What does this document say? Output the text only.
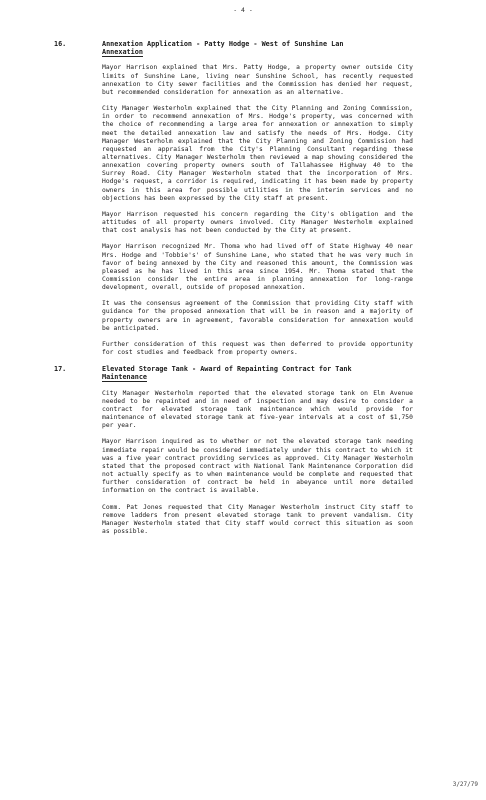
- 4 -
16.	Annexation Application - Patty Hodge - West of Sunshine Lan
Annexation

Mayor Harrison explained that Mrs. Patty Hodge, a property owner outside City limits of Sunshine Lane, living near Sunshine School, has recently requested annexation to City sewer facilities and the Commission has denied her request, but recommended consideration for annexation as an alternative.

City Manager Westerholm explained that the City Planning and Zoning Commission, in order to recommend annexation of Mrs. Hodge's property, was concerned with the choice of recommending a large area for annexation or annexation to simply meet the detailed annexation law and satisfy the needs of Mrs. Hodge. City Manager Westerholm explained that the City Planning and Zoning Commission had requested an appraisal from the City's Planning Consultant regarding these alternatives. City Manager Westerholm then reviewed a map showing considered the annexation covering property owners south of Tallahassee Highway 40 to the Surrey Road. City Manager Westerholm stated that the incorporation of Mrs. Hodge's request, a corridor is required, indicating it has been made by property owners in this area for possible utilities in the interim services and no objections has been expressed by the City staff at present.

Mayor Harrison requested his concern regarding the City's obligation and the attitudes of all property owners involved. City Manager Westerholm explained that cost analysis has not been conducted by the City at present.

Mayor Harrison recognized Mr. Thoma who had lived off of State Highway 40 near Mrs. Hodge and 'Tobbie's' of Sunshine Lane, who stated that he was very much in favor of being annexed by the City and reasoned this amount, the Commission was pleased as he has lived in this area since 1954. Mr. Thoma stated that the Commission consider the entire area in planning annexation for long-range development, overall, outside of proposed annexation.

It was the consensus agreement of the Commission that providing City staff with guidance for the proposed annexation that will be in reason and a majority of property owners are in agreement, favorable consideration for annexation would be anticipated.

Further consideration of this request was then deferred to provide opportunity for cost studies and feedback from property owners.

17.	Elevated Storage Tank - Award of Repainting Contract for Tank
Maintenance

City Manager Westerholm reported that the elevated storage tank on Elm Avenue needed to be repainted and in need of inspection and may desire to consider a contract for elevated storage tank maintenance which would provide for maintenance of elevated storage tank at five-year intervals at a cost of $1,750 per year.

Mayor Harrison inquired as to whether or not the elevated storage tank needing immediate repair would be considered immediately under this contract to which it was a five year contract providing services as approved. City Manager Westerholm stated that the proposed contract with National Tank Maintenance Corporation did not actually specify as to when maintenance would be complete and requested that further consideration of contract be held in abeyance until more detailed information on the contract is available.

Comm. Pat Jones requested that City Manager Westerholm instruct City staff to remove ladders from present elevated storage tank to prevent vandalism. City Manager Westerholm stated that City staff would correct this situation as soon as possible.

3/27/79
